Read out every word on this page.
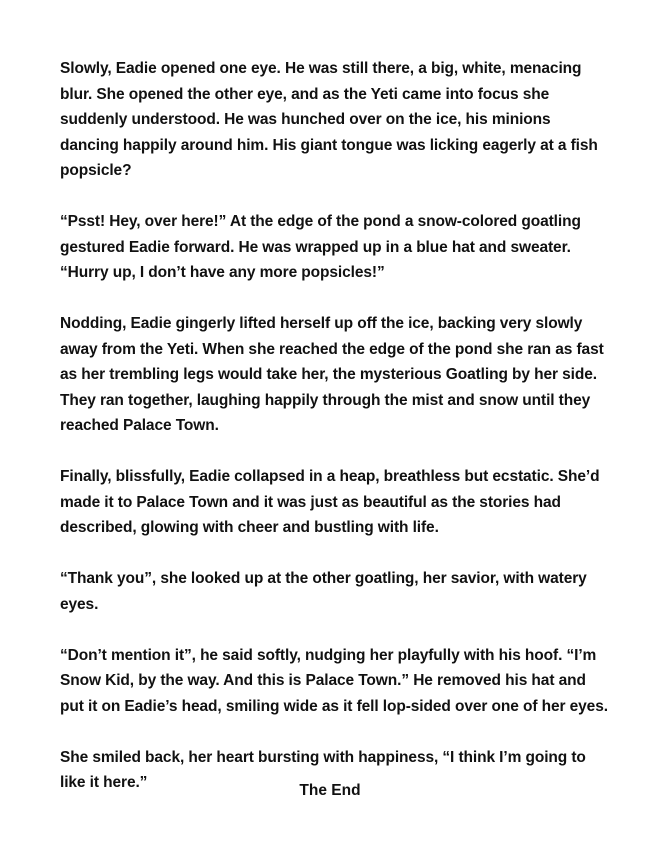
Slowly, Eadie opened one eye. He was still there, a big, white, menacing blur. She opened the other eye, and as the Yeti came into focus she suddenly understood. He was hunched over on the ice, his minions dancing happily around him. His giant tongue was licking eagerly at a fish popsicle?

“Psst! Hey, over here!” At the edge of the pond a snow-colored goatling gestured Eadie forward. He was wrapped up in a blue hat and sweater. “Hurry up, I don’t have any more popsicles!”

Nodding, Eadie gingerly lifted herself up off the ice, backing very slowly away from the Yeti. When she reached the edge of the pond she ran as fast as her trembling legs would take her, the mysterious Goatling by her side. They ran together, laughing happily through the mist and snow until they reached Palace Town.

Finally, blissfully, Eadie collapsed in a heap, breathless but ecstatic. She’d made it to Palace Town and it was just as beautiful as the stories had described, glowing with cheer and bustling with life.

“Thank you”, she looked up at the other goatling, her savior, with watery eyes.

“Don’t mention it”, he said softly, nudging her playfully with his hoof. “I’m Snow Kid, by the way. And this is Palace Town.” He removed his hat and put it on Eadie’s head, smiling wide as it fell lop-sided over one of her eyes.

She smiled back, her heart bursting with happiness, “I think I’m going to like it here.”	The End
